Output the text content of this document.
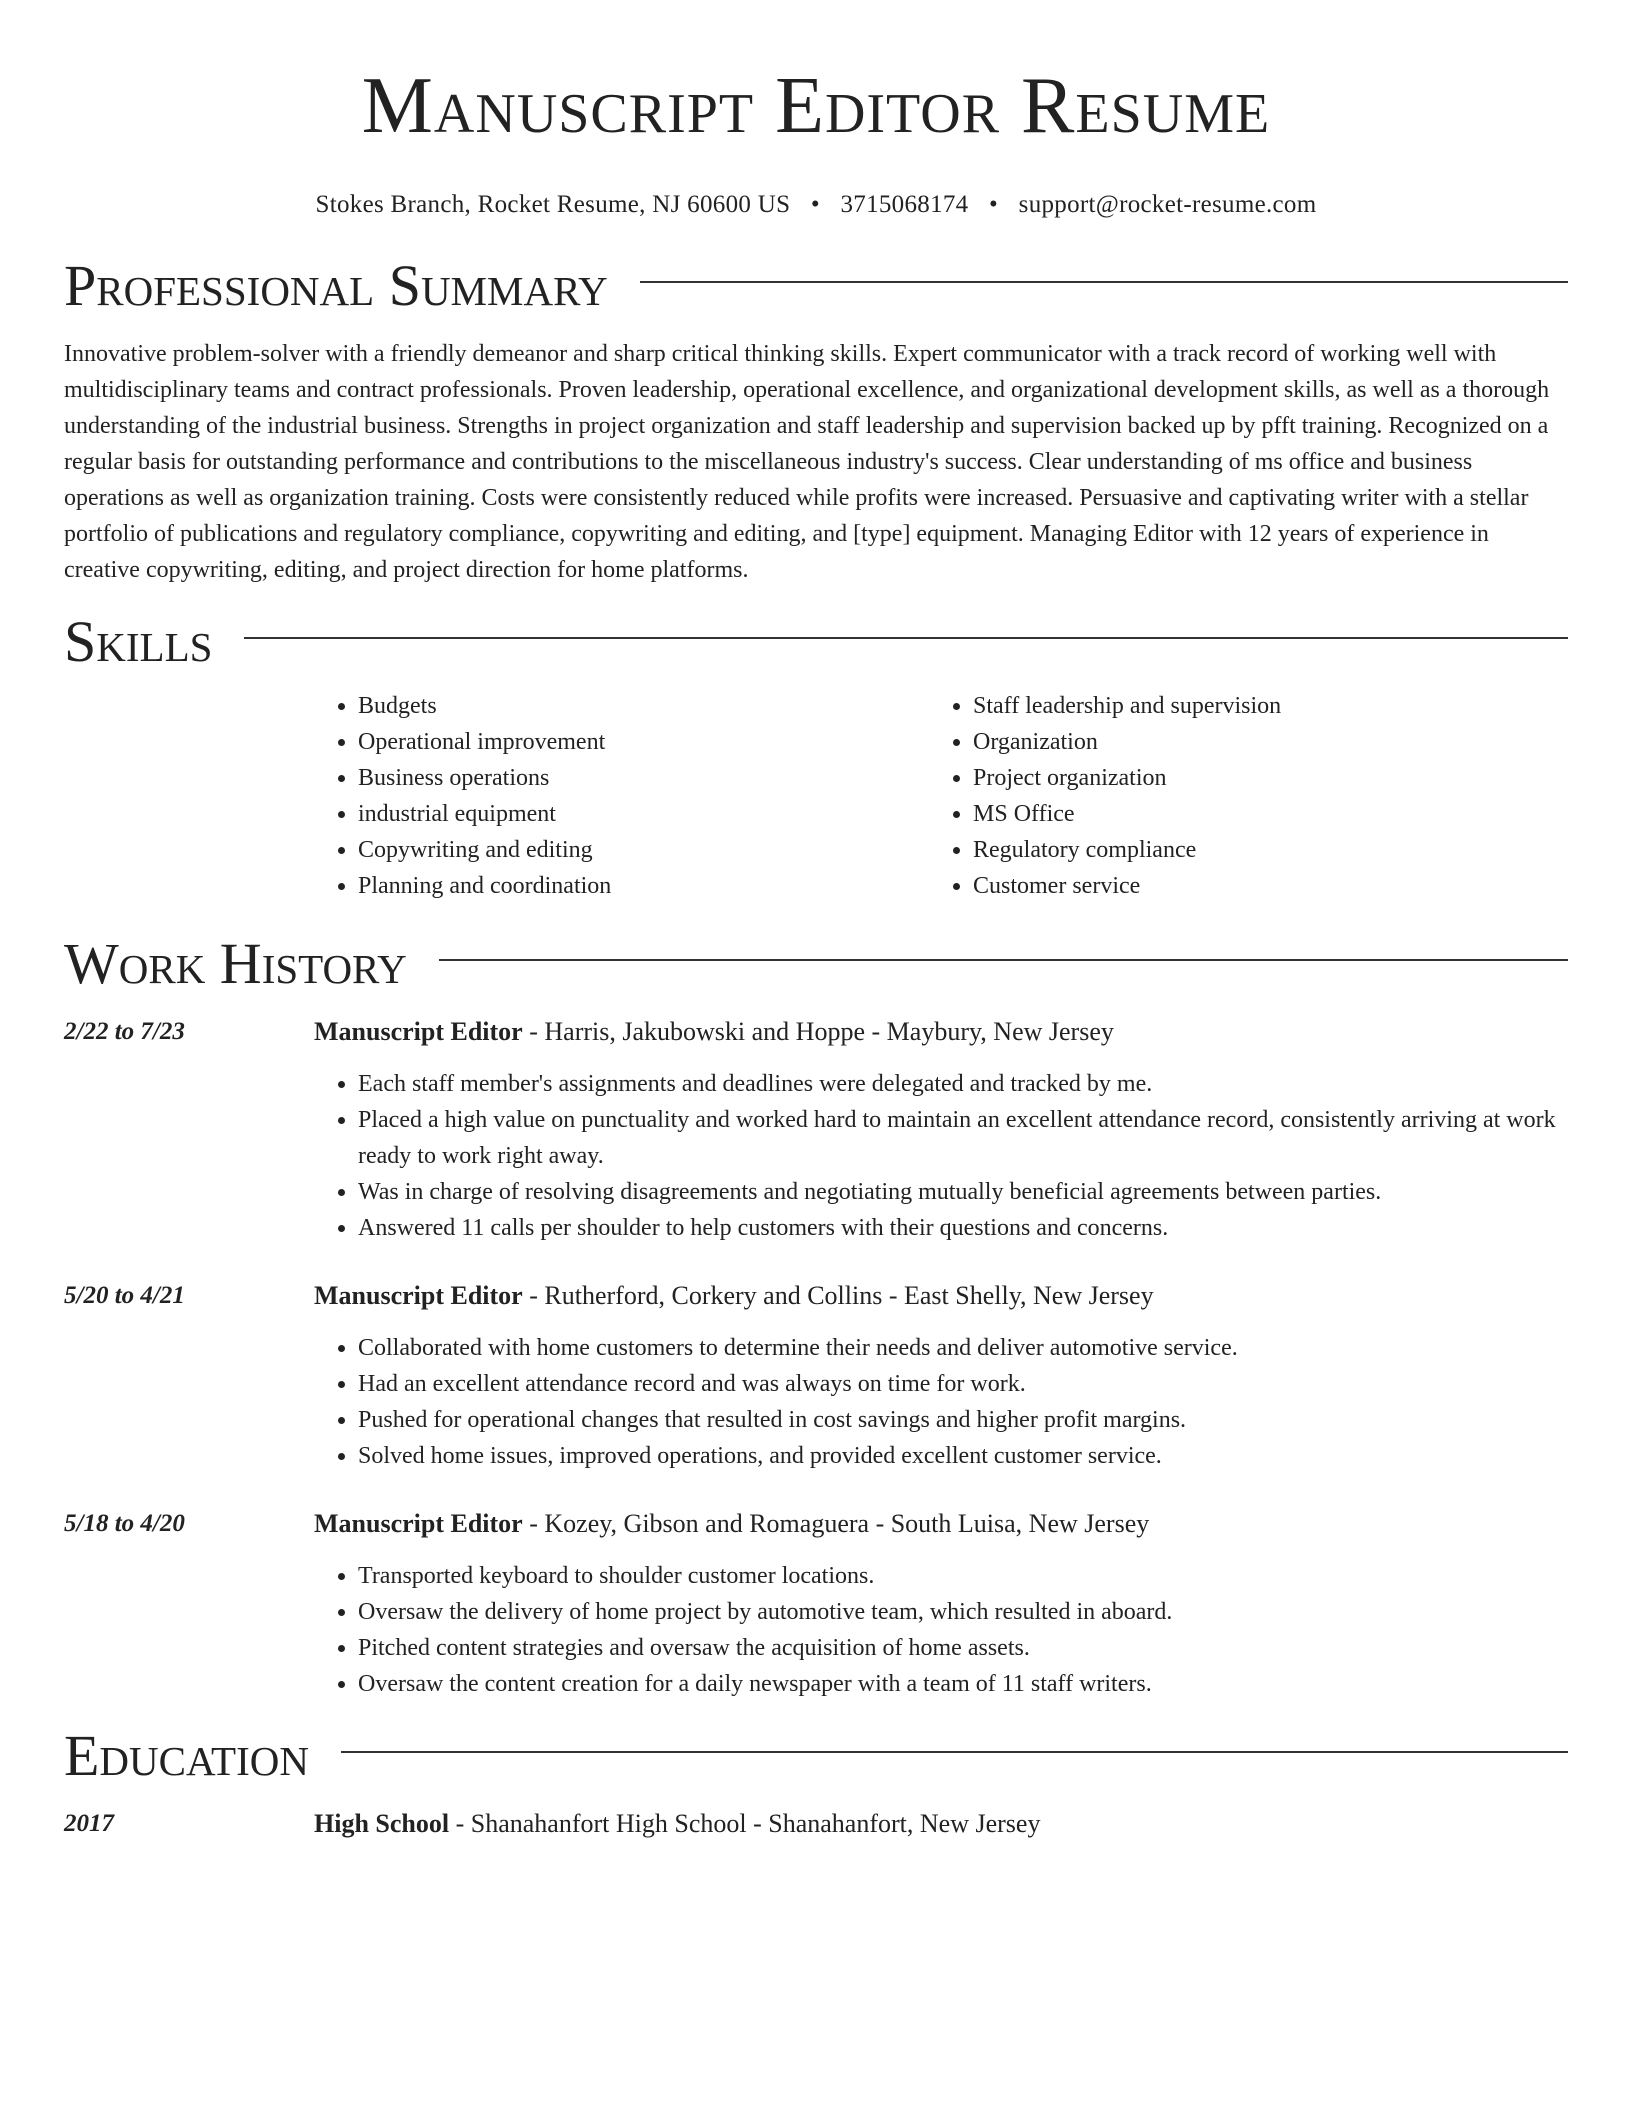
Manuscript Editor Resume
Stokes Branch, Rocket Resume, NJ 60600 US • 3715068174 • support@rocket-resume.com
Professional Summary

Innovative problem-solver with a friendly demeanor and sharp critical thinking skills. Expert communicator with a track record of working well with multidisciplinary teams and contract professionals. Proven leadership, operational excellence, and organizational development skills, as well as a thorough understanding of the industrial business. Strengths in project organization and staff leadership and supervision backed up by pfft training. Recognized on a regular basis for outstanding performance and contributions to the miscellaneous industry's success. Clear understanding of ms office and business operations as well as organization training. Costs were consistently reduced while profits were increased. Persuasive and captivating writer with a stellar portfolio of publications and regulatory compliance, copywriting and editing, and [type] equipment. Managing Editor with 12 years of experience in creative copywriting, editing, and project direction for home platforms.

Skills
• Budgets
• Operational improvement
• Business operations
• industrial equipment
• Copywriting and editing
• Planning and coordination
• Staff leadership and supervision
• Organization
• Project organization
• MS Office
• Regulatory compliance
• Customer service
Work History
2/22 to 7/23	Manuscript Editor - Harris, Jakubowski and Hoppe - Maybury, New Jersey
• Each staff member's assignments and deadlines were delegated and tracked by me.
• Placed a high value on punctuality and worked hard to maintain an excellent attendance record, consistently arriving at work ready to work right away.
• Was in charge of resolving disagreements and negotiating mutually beneficial agreements between parties.
• Answered 11 calls per shoulder to help customers with their questions and concerns.
5/20 to 4/21	Manuscript Editor - Rutherford, Corkery and Collins - East Shelly, New Jersey
• Collaborated with home customers to determine their needs and deliver automotive service.
• Had an excellent attendance record and was always on time for work.
• Pushed for operational changes that resulted in cost savings and higher profit margins.
• Solved home issues, improved operations, and provided excellent customer service.
5/18 to 4/20	Manuscript Editor - Kozey, Gibson and Romaguera - South Luisa, New Jersey
• Transported keyboard to shoulder customer locations.
• Oversaw the delivery of home project by automotive team, which resulted in aboard.
• Pitched content strategies and oversaw the acquisition of home assets.
• Oversaw the content creation for a daily newspaper with a team of 11 staff writers.
Education
2017	High School - Shanahanfort High School - Shanahanfort, New Jersey
